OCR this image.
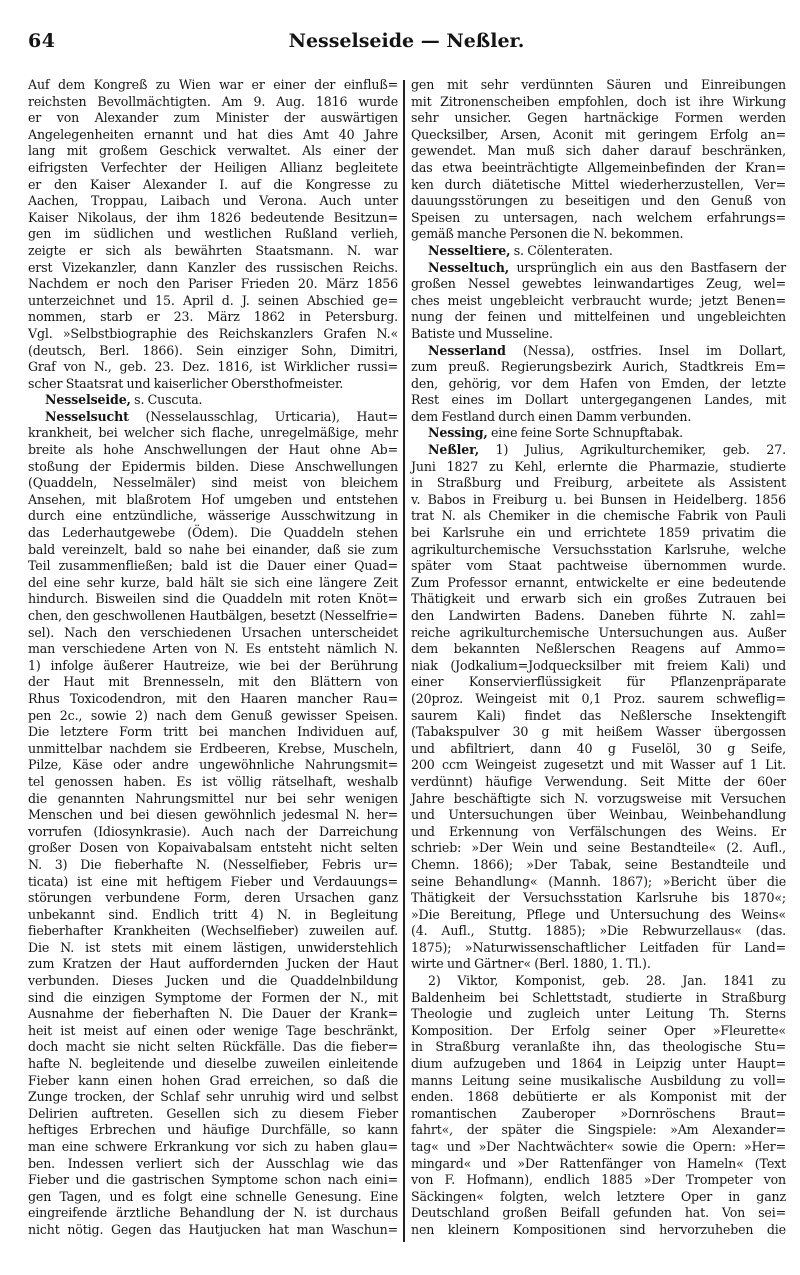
64	Nesselseide — Neßler.
Auf dem Kongreß zu Wien war er einer der einfluß=
reichsten Bevollmächtigten. Am 9. Aug. 1816 wurde
er von Alexander zum Minister der auswärtigen
Angelegenheiten ernannt und hat dies Amt 40 Jahre
lang mit großem Geschick verwaltet. Als einer der
eifrigsten Verfechter der Heiligen Allianz begleitete
er den Kaiser Alexander I. auf die Kongresse zu
Aachen, Troppau, Laibach und Verona. Auch unter
Kaiser Nikolaus, der ihm 1826 bedeutende Besitzun=
gen im südlichen und westlichen Rußland verlieh,
zeigte er sich als bewährten Staatsmann. N. war
erst Vizekanzler, dann Kanzler des russischen Reichs.
Nachdem er noch den Pariser Frieden 20. März 1856
unterzeichnet und 15. April d. J. seinen Abschied ge=
nommen, starb er 23. März 1862 in Petersburg.
Vgl. »Selbstbiographie des Reichskanzlers Grafen N.«
(deutsch, Berl. 1866). Sein einziger Sohn, Dimitri,
Graf von N., geb. 23. Dez. 1816, ist Wirklicher russi=
scher Staatsrat und kaiserlicher Obersthofmeister.
Nesselseide, s. Cuscuta.
Nesselsucht (Nesselausschlag, Urticaria), Haut=
krankheit, bei welcher sich flache, unregelmäßige, mehr
breite als hohe Anschwellungen der Haut ohne Ab=
stoßung der Epidermis bilden. Diese Anschwellungen
(Quaddeln, Nesselmäler) sind meist von bleichem
Ansehen, mit blaßrotem Hof umgeben und entstehen
durch eine entzündliche, wässerige Ausschwitzung in
das Lederhautgewebe (Ödem). Die Quaddeln stehen
bald vereinzelt, bald so nahe bei einander, daß sie zum
Teil zusammenfließen; bald ist die Dauer einer Quad=
del eine sehr kurze, bald hält sie sich eine längere Zeit
hindurch. Bisweilen sind die Quaddeln mit roten Knöt=
chen, den geschwollenen Hautbälgen, besetzt (Nesselfrie=
sel). Nach den verschiedenen Ursachen unterscheidet
man verschiedene Arten von N. Es entsteht nämlich N.
1) infolge äußerer Hautreize, wie bei der Berührung
der Haut mit Brennesseln, mit den Blättern von
Rhus Toxicodendron, mit den Haaren mancher Rau=
pen 2c., sowie 2) nach dem Genuß gewisser Speisen.
Die letztere Form tritt bei manchen Individuen auf,
unmittelbar nachdem sie Erdbeeren, Krebse, Muscheln,
Pilze, Käse oder andre ungewöhnliche Nahrungsmit=
tel genossen haben. Es ist völlig rätselhaft, weshalb
die genannten Nahrungsmittel nur bei sehr wenigen
Menschen und bei diesen gewöhnlich jedesmal N. her=
vorrufen (Idiosynkrasie). Auch nach der Darreichung
großer Dosen von Kopaivabalsam entsteht nicht selten
N. 3) Die fieberhafte N. (Nesselfieber, Febris ur=
ticata) ist eine mit heftigem Fieber und Verdauungs=
störungen verbundene Form, deren Ursachen ganz
unbekannt sind. Endlich tritt 4) N. in Begleitung
fieberhafter Krankheiten (Wechselfieber) zuweilen auf.
Die N. ist stets mit einem lästigen, unwiderstehlich
zum Kratzen der Haut auffordernden Jucken der Haut
verbunden. Dieses Jucken und die Quaddelnbildung
sind die einzigen Symptome der Formen der N., mit
Ausnahme der fieberhaften N. Die Dauer der Krank=
heit ist meist auf einen oder wenige Tage beschränkt,
doch macht sie nicht selten Rückfälle. Das die fieber=
hafte N. begleitende und dieselbe zuweilen einleitende
Fieber kann einen hohen Grad erreichen, so daß die
Zunge trocken, der Schlaf sehr unruhig wird und selbst
Delirien auftreten. Gesellen sich zu diesem Fieber
heftiges Erbrechen und häufige Durchfälle, so kann
man eine schwere Erkrankung vor sich zu haben glau=
ben. Indessen verliert sich der Ausschlag wie das
Fieber und die gastrischen Symptome schon nach eini=
gen Tagen, und es folgt eine schnelle Genesung. Eine
eingreifende ärztliche Behandlung der N. ist durchaus
nicht nötig. Gegen das Hautjucken hat man Waschun=
gen mit sehr verdünnten Säuren und Einreibungen
mit Zitronenscheiben empfohlen, doch ist ihre Wirkung
sehr unsicher. Gegen hartnäckige Formen werden
Quecksilber, Arsen, Aconit mit geringem Erfolg an=
gewendet. Man muß sich daher darauf beschränken,
das etwa beeinträchtigte Allgemeinbefinden der Kran=
ken durch diätetische Mittel wiederherzustellen, Ver=
dauungsstörungen zu beseitigen und den Genuß von
Speisen zu untersagen, nach welchem erfahrungs=
gemäß manche Personen die N. bekommen.
Nesseltiere, s. Cölenteraten.
Nesseltuch, ursprünglich ein aus den Bastfasern der
großen Nessel gewebtes leinwandartiges Zeug, wel=
ches meist ungebleicht verbraucht wurde; jetzt Benen=
nung der feinen und mittelfeinen und ungebleichten
Batiste und Musseline.
Nesserland (Nessa), ostfries. Insel im Dollart,
zum preuß. Regierungsbezirk Aurich, Stadtkreis Em=
den, gehörig, vor dem Hafen von Emden, der letzte
Rest eines im Dollart untergegangenen Landes, mit
dem Festland durch einen Damm verbunden.
Nessing, eine feine Sorte Schnupftabak.
Neßler, 1) Julius, Agrikulturchemiker, geb. 27.
Juni 1827 zu Kehl, erlernte die Pharmazie, studierte
in Straßburg und Freiburg, arbeitete als Assistent
v. Babos in Freiburg u. bei Bunsen in Heidelberg. 1856
trat N. als Chemiker in die chemische Fabrik von Pauli
bei Karlsruhe ein und errichtete 1859 privatim die
agrikulturchemische Versuchsstation Karlsruhe, welche
später vom Staat pachtweise übernommen wurde.
Zum Professor ernannt, entwickelte er eine bedeutende
Thätigkeit und erwarb sich ein großes Zutrauen bei
den Landwirten Badens. Daneben führte N. zahl=
reiche agrikulturchemische Untersuchungen aus. Außer
dem bekannten Neßlerschen Reagens auf Ammo=
niak (Jodkalium=Jodquecksilber mit freiem Kali) und
einer Konservierflüssigkeit für Pflanzenpräparate
(20proz. Weingeist mit 0,1 Proz. saurem schweflig=
saurem Kali) findet das Neßlersche Insektengift
(Tabakspulver 30 g mit heißem Wasser übergossen
und abfiltriert, dann 40 g Fuselöl, 30 g Seife,
200 ccm Weingeist zugesetzt und mit Wasser auf 1 Lit.
verdünnt) häufige Verwendung. Seit Mitte der 60er
Jahre beschäftigte sich N. vorzugsweise mit Versuchen
und Untersuchungen über Weinbau, Weinbehandlung
und Erkennung von Verfälschungen des Weins. Er
schrieb: »Der Wein und seine Bestandteile« (2. Aufl.,
Chemn. 1866); »Der Tabak, seine Bestandteile und
seine Behandlung« (Mannh. 1867); »Bericht über die
Thätigkeit der Versuchsstation Karlsruhe bis 1870«;
»Die Bereitung, Pflege und Untersuchung des Weins«
(4. Aufl., Stuttg. 1885); »Die Rebwurzellaus« (das.
1875); »Naturwissenschaftlicher Leitfaden für Land=
wirte und Gärtner« (Berl. 1880, 1. Tl.).
2) Viktor, Komponist, geb. 28. Jan. 1841 zu
Baldenheim bei Schlettstadt, studierte in Straßburg
Theologie und zugleich unter Leitung Th. Sterns
Komposition. Der Erfolg seiner Oper »Fleurette«
in Straßburg veranlaßte ihn, das theologische Stu=
dium aufzugeben und 1864 in Leipzig unter Haupt=
manns Leitung seine musikalische Ausbildung zu voll=
enden. 1868 debütierte er als Komponist mit der
romantischen Zauberoper »Dornröschens Braut=
fahrt«, der später die Singspiele: »Am Alexander=
tag« und »Der Nachtwächter« sowie die Opern: »Her=
mingard« und »Der Rattenfänger von Hameln« (Text
von F. Hofmann), endlich 1885 »Der Trompeter von
Säckingen« folgten, welch letztere Oper in ganz
Deutschland großen Beifall gefunden hat. Von sei=
nen kleinern Kompositionen sind hervorzuheben die
